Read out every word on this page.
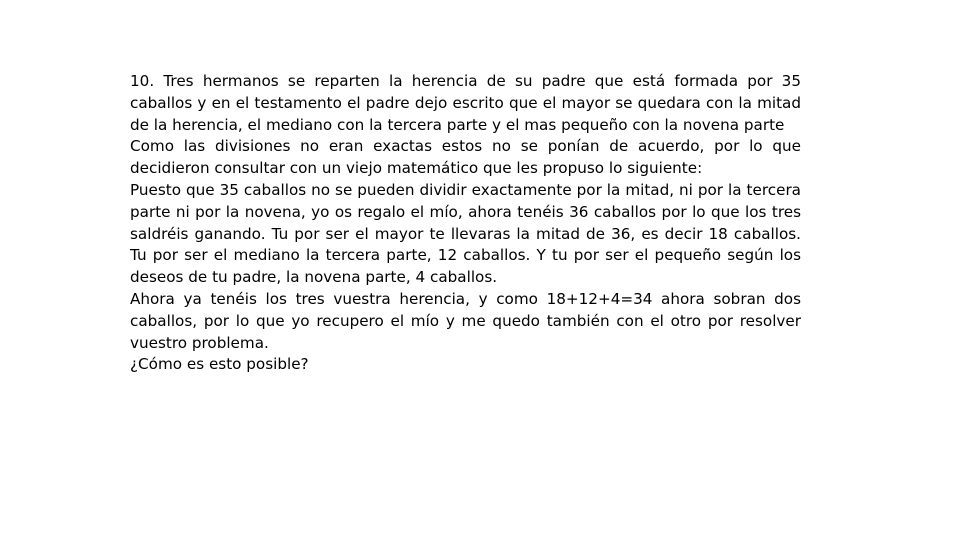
10. Tres hermanos se reparten la herencia de su padre que está formada por 35 caballos y en el testamento el padre dejo escrito que el mayor se quedara con la mitad de la herencia, el mediano con la tercera parte y el mas pequeño con la novena parte

Como las divisiones no eran exactas estos no se ponían de acuerdo, por lo que decidieron consultar con un viejo matemático que les propuso lo siguiente:

Puesto que 35 caballos no se pueden dividir exactamente por la mitad, ni por la tercera parte ni por la novena, yo os regalo el mío, ahora tenéis 36 caballos por lo que los tres saldréis ganando. Tu por ser el mayor te llevaras la mitad de 36, es decir 18 caballos. Tu por ser el mediano la tercera parte, 12 caballos. Y tu por ser el pequeño según los deseos de tu padre, la novena parte, 4 caballos.

Ahora ya tenéis los tres vuestra herencia, y como 18+12+4=34 ahora sobran dos caballos, por lo que yo recupero el mío y me quedo también con el otro por resolver vuestro problema.

¿Cómo es esto posible?
